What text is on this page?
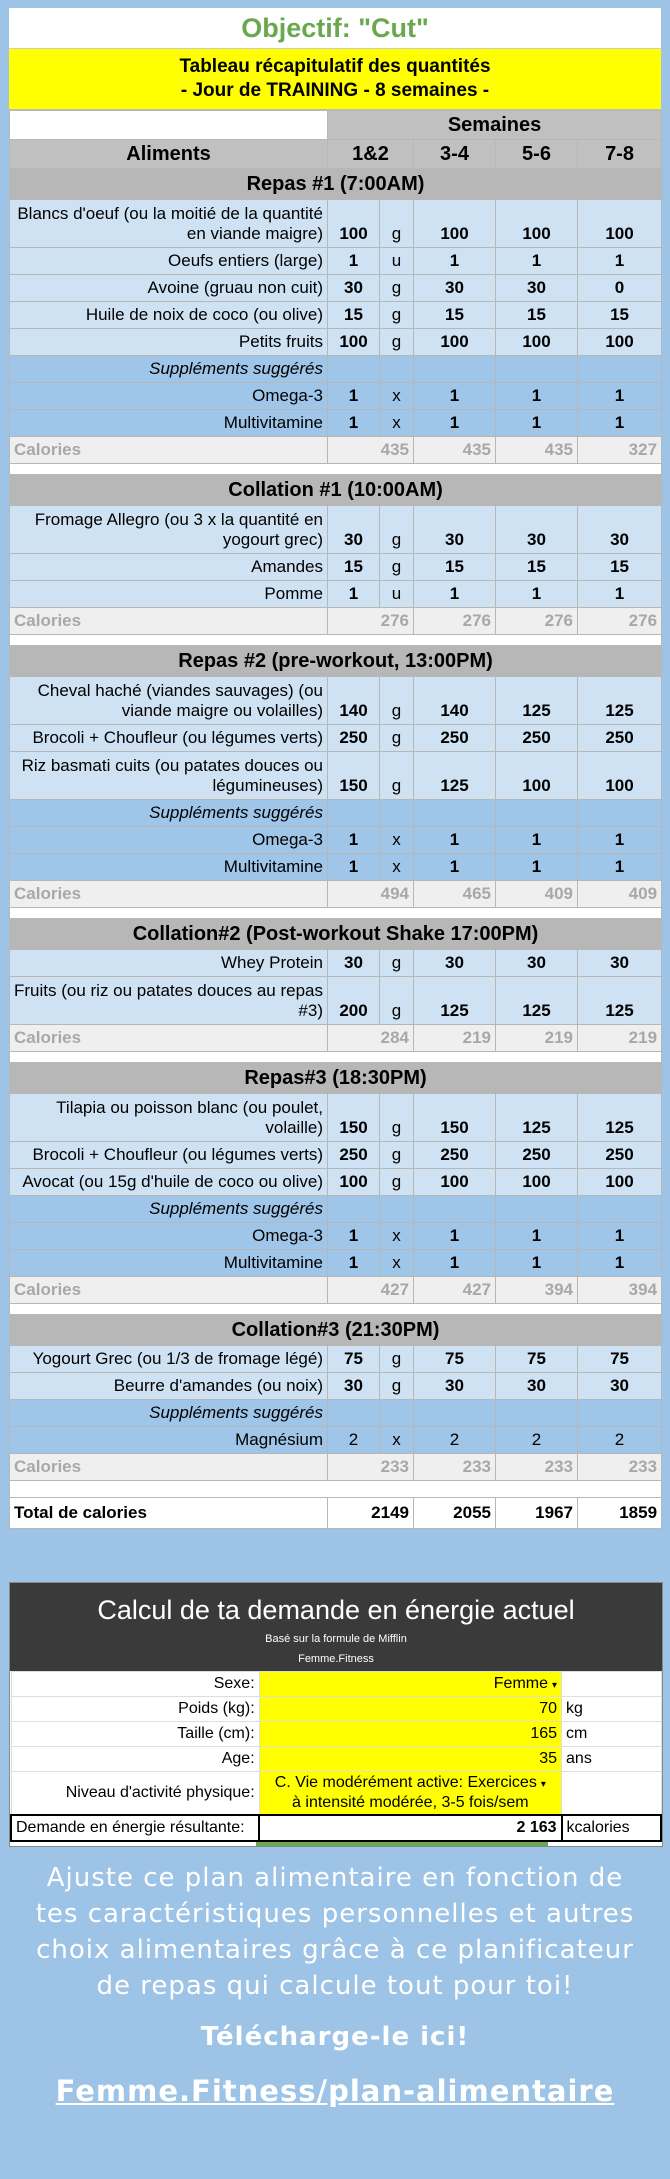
Objectif: "Cut"
Tableau récapitulatif des quantités
- Jour de TRAINING - 8 semaines -
	Semaines				
Aliments	1&2		3-4	5-6	7-8
Repas #1 (7:00AM)					
Blancs d'oeuf (ou la moitié de la quantité en viande maigre)	100	g	100	100	100
Oeufs entiers (large)	1	u	1	1	1
Avoine (gruau non cuit)	30	g	30	30	0
Huile de noix de coco (ou olive)	15	g	15	15	15
Petits fruits	100	g	100	100	100
Suppléments suggérés					
Omega-3	1	x	1	1	1
Multivitamine	1	x	1	1	1
Calories	435		435	435	327

Collation #1 (10:00AM)					
Fromage Allegro (ou 3 x la quantité en yogourt grec)	30	g	30	30	30
Amandes	15	g	15	15	15
Pomme	1	u	1	1	1
Calories	276		276	276	276

Repas #2 (pre-workout, 13:00PM)					
Cheval haché (viandes sauvages) (ou viande maigre ou volailles)	140	g	140	125	125
Brocoli + Choufleur (ou légumes verts)	250	g	250	250	250
Riz basmati cuits (ou patates douces ou légumineuses)	150	g	125	100	100
Suppléments suggérés					
Omega-3	1	x	1	1	1
Multivitamine	1	x	1	1	1
Calories	494		465	409	409

Collation#2 (Post-workout Shake 17:00PM)					
Whey Protein	30	g	30	30	30
Fruits (ou riz ou patates douces au repas #3)	200	g	125	125	125
Calories	284		219	219	219

Repas#3 (18:30PM)					
Tilapia ou poisson blanc (ou poulet, volaille)	150	g	150	125	125
Brocoli + Choufleur (ou légumes verts)	250	g	250	250	250
Avocat (ou 15g d'huile de coco ou olive)	100	g	100	100	100
Suppléments suggérés					
Omega-3	1	x	1	1	1
Multivitamine	1	x	1	1	1
Calories	427		427	394	394

Collation#3 (21:30PM)					
Yogourt Grec (ou 1/3 de fromage légé)	75	g	75	75	75
Beurre d'amandes (ou noix)	30	g	30	30	30
Suppléments suggérés					
Magnésium	2	x	2	2	2
Calories	233		233	233	233

Total de calories	2149		2055	1967	1859
Calcul de ta demande en énergie actuel
Basé sur la formule de Mifflin
Femme.Fitness
Sexe:	Femme ▾	
Poids (kg):	70	kg
Taille (cm):	165	cm
Age:	35	ans
Niveau d'activité physique:	C. Vie modérément active: Exercices ▾
à intensité modérée, 3-5 fois/sem	

Demande en énergie résultante:	2 163	kcalories
Ajuste ce plan alimentaire en fonction de tes caractéristiques personnelles et autres choix alimentaires grâce à ce planificateur de repas qui calcule tout pour toi!
Télécharge-le ici!
Femme.Fitness/plan-alimentaire
